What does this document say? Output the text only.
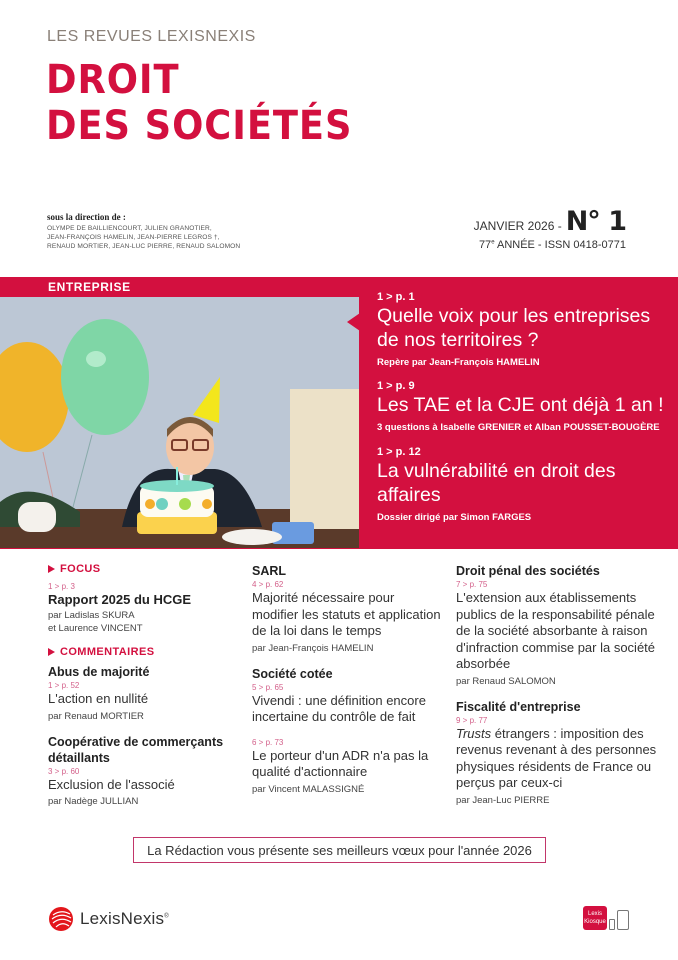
LES REVUES LEXISNEXIS
DROIT
DES SOCIÉTÉS
sous la direction de :
OLYMPE DE BAILLIENCOURT, JULIEN GRANOTIER,
JEAN-FRANÇOIS HAMELIN, JEAN-PIERRE LEGROS †,
RENAUD MORTIER, JEAN-LUC PIERRE, RENAUD SALOMON
JANVIER 2026 - N° 1
77e ANNÉE - ISSN 0418-0771
ENTREPRISE
1 > p. 1
Quelle voix pour les entreprises de nos territoires ?
Repère par Jean-François HAMELIN
1 > p. 9
Les TAE et la CJE ont déjà 1 an !
3 questions à Isabelle GRENIER et Alban POUSSET-BOUGÈRE
1 > p. 12
La vulnérabilité en droit des affaires
Dossier dirigé par Simon FARGES
FOCUS
1 > p. 3
Rapport 2025 du HCGE
par Ladislas SKURA
et Laurence VINCENT
COMMENTAIRES
Abus de majorité
1 > p. 52
L'action en nullité
par Renaud MORTIER
Coopérative de commerçants détaillants
3 > p. 60
Exclusion de l'associé
par Nadège JULLIAN
SARL
4 > p. 62
Majorité nécessaire pour modifier les statuts et application de la loi dans le temps
par Jean-François HAMELIN
Société cotée
5 > p. 65
Vivendi : une définition encore incertaine du contrôle de fait
6 > p. 73
Le porteur d'un ADR n'a pas la qualité d'actionnaire
par Vincent MALASSIGNÉ
Droit pénal des sociétés
7 > p. 75
L'extension aux établissements publics de la responsabilité pénale de la société absorbante à raison d'infraction commise par la société absorbée
par Renaud SALOMON
Fiscalité d'entreprise
9 > p. 77
Trusts étrangers : imposition des revenus revenant à des personnes physiques résidents de France ou perçus par ceux-ci
par Jean-Luc PIERRE
La Rédaction vous présente ses meilleurs vœux pour l'année 2026
LexisNexis®	Lexis
Kiosque
